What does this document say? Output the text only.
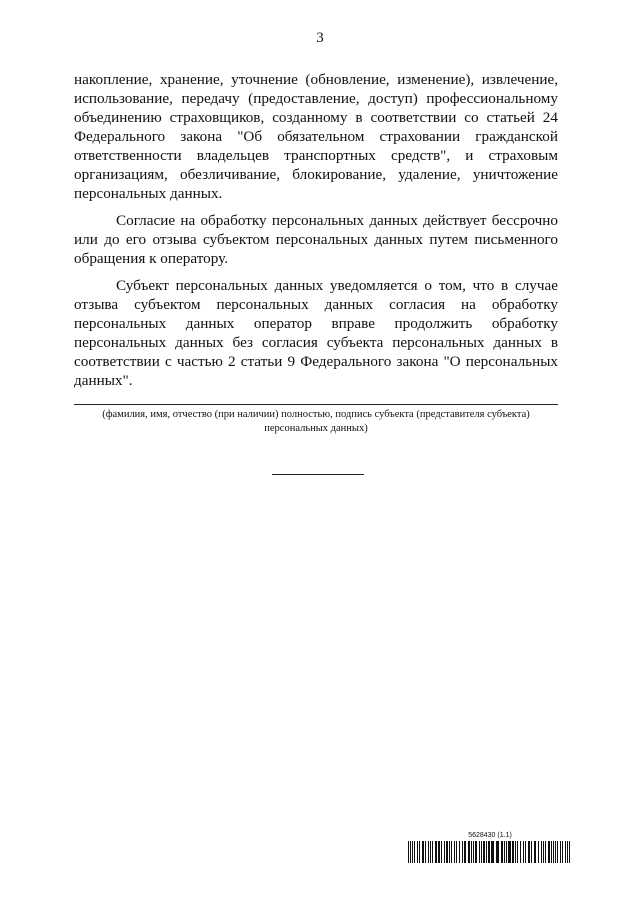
3

накопление, хранение, уточнение (обновление, изменение), извлечение, использование, передачу (предоставление, доступ) профессиональному объединению страховщиков, созданному в соответствии со статьей 24 Федерального закона "Об обязательном страховании гражданской ответственности владельцев транспортных средств", и страховым организациям, обезличивание, блокирование, удаление, уничтожение персональных данных.

Согласие на обработку персональных данных действует бессрочно или до его отзыва субъектом персональных данных путем письменного обращения к оператору.

Субъект персональных данных уведомляется о том, что в случае отзыва субъектом персональных данных согласия на обработку персональных данных оператор вправе продолжить обработку персональных данных без согласия субъекта персональных данных в соответствии с частью 2 статьи 9 Федерального закона "О персональных данных".

(фамилия, имя, отчество (при наличии) полностью, подпись субъекта (представителя субъекта)
персональных данных)
5628430 (1.1)
